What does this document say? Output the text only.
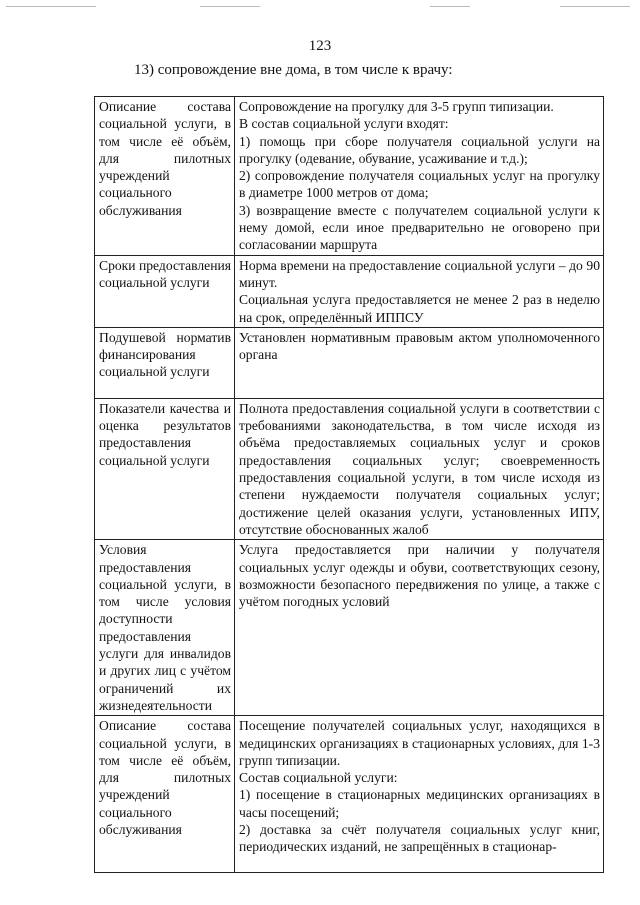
123
13) сопровождение вне дома, в том числе к врачу:
Описание состава социальной услуги, в том числе её объём, для пилотных учреждений социального обслуживания	Сопровождение на прогулку для 3-5 групп типизации.
В состав социальной услуги входят:
1) помощь при сборе получателя социальной услуги на прогулку (одевание, обувание, усаживание и т.д.);
2) сопровождение получателя социальных услуг на прогулку в диаметре 1000 метров от дома;
3) возвращение вместе с получателем социальной услуги к нему домой, если иное предварительно не оговорено при согласовании маршрута

Сроки предоставления социальной услуги	Норма времени на предоставление социальной услуги – до 90 минут.
Социальная услуга предоставляется не менее 2 раз в неделю на срок, определённый ИППСУ

Подушевой норматив финансирования социальной услуги	Установлен нормативным правовым актом уполномоченного органа

Показатели качества и оценка результатов предоставления социальной услуги	Полнота предоставления социальной услуги в соответствии с требованиями законодательства, в том числе исходя из объёма предоставляемых социальных услуг и сроков предоставления социальных услуг; своевременность предоставления социальной услуги, в том числе исходя из степени нуждаемости получателя социальных услуг; достижение целей оказания услуги, установленных ИПУ, отсутствие обоснованных жалоб

Условия предоставления социальной услуги, в том числе условия доступности предоставления услуги для инвалидов и других лиц с учётом ограничений их жизнедеятельности	Услуга предоставляется при наличии у получателя социальных услуг одежды и обуви, соответствующих сезону, возможности безопасного передвижения по улице, а также с учётом погодных условий

Описание состава социальной услуги, в том числе её объём, для пилотных учреждений социального обслуживания	Посещение получателей социальных услуг, находящихся в медицинских организациях в стационарных условиях, для 1-3 групп типизации.
Состав социальной услуги:
1) посещение в стационарных медицинских организациях в часы посещений;
2) доставка за счёт получателя социальных услуг книг, периодических изданий, не запрещённых в стационар-
